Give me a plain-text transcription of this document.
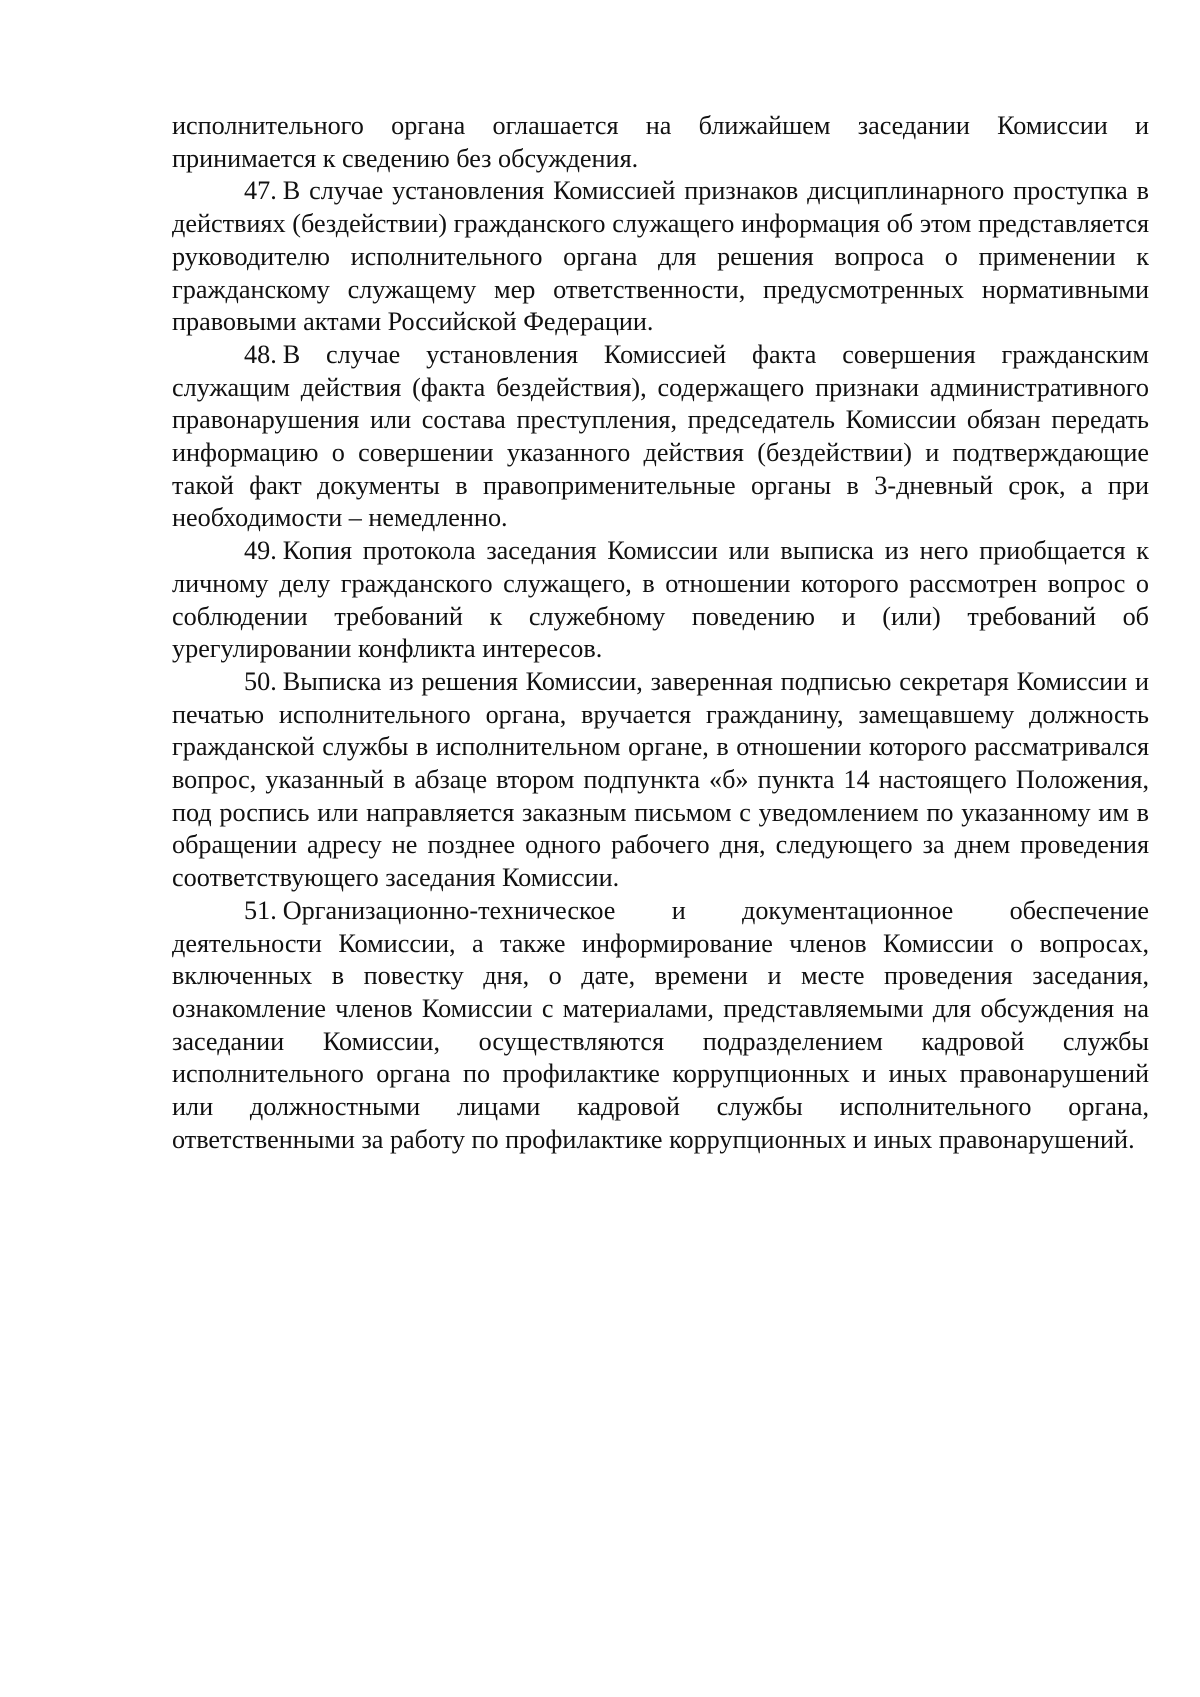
исполнительного органа оглашается на ближайшем заседании Комиссии и принимается к сведению без обсуждения.

47. В случае установления Комиссией признаков дисциплинарного проступка в действиях (бездействии) гражданского служащего информация об этом представляется руководителю исполнительного органа для решения вопроса о применении к гражданскому служащему мер ответственности, предусмотренных нормативными правовыми актами Российской Федерации.

48. В случае установления Комиссией факта совершения гражданским служащим действия (факта бездействия), содержащего признаки административного правонарушения или состава преступления, председатель Комиссии обязан передать информацию о совершении указанного действия (бездействии) и подтверждающие такой факт документы в правоприменительные органы в 3-дневный срок, а при необходимости – немедленно.

49. Копия протокола заседания Комиссии или выписка из него приобщается к личному делу гражданского служащего, в отношении которого рассмотрен вопрос о соблюдении требований к служебному поведению и (или) требований об урегулировании конфликта интересов.

50. Выписка из решения Комиссии, заверенная подписью секретаря Комиссии и печатью исполнительного органа, вручается гражданину, замещавшему должность гражданской службы в исполнительном органе, в отношении которого рассматривался вопрос, указанный в абзаце втором подпункта «б» пункта 14 настоящего Положения, под роспись или направляется заказным письмом с уведомлением по указанному им в обращении адресу не позднее одного рабочего дня, следующего за днем проведения соответствующего заседания Комиссии.

51. Организационно-техническое и документационное обеспечение деятельности Комиссии, а также информирование членов Комиссии о вопросах, включенных в повестку дня, о дате, времени и месте проведения заседания, ознакомление членов Комиссии с материалами, представляемыми для обсуждения на заседании Комиссии, осуществляются подразделением кадровой службы исполнительного органа по профилактике коррупционных и иных правонарушений или должностными лицами кадровой службы исполнительного органа, ответственными за работу по профилактике коррупционных и иных правонарушений.
